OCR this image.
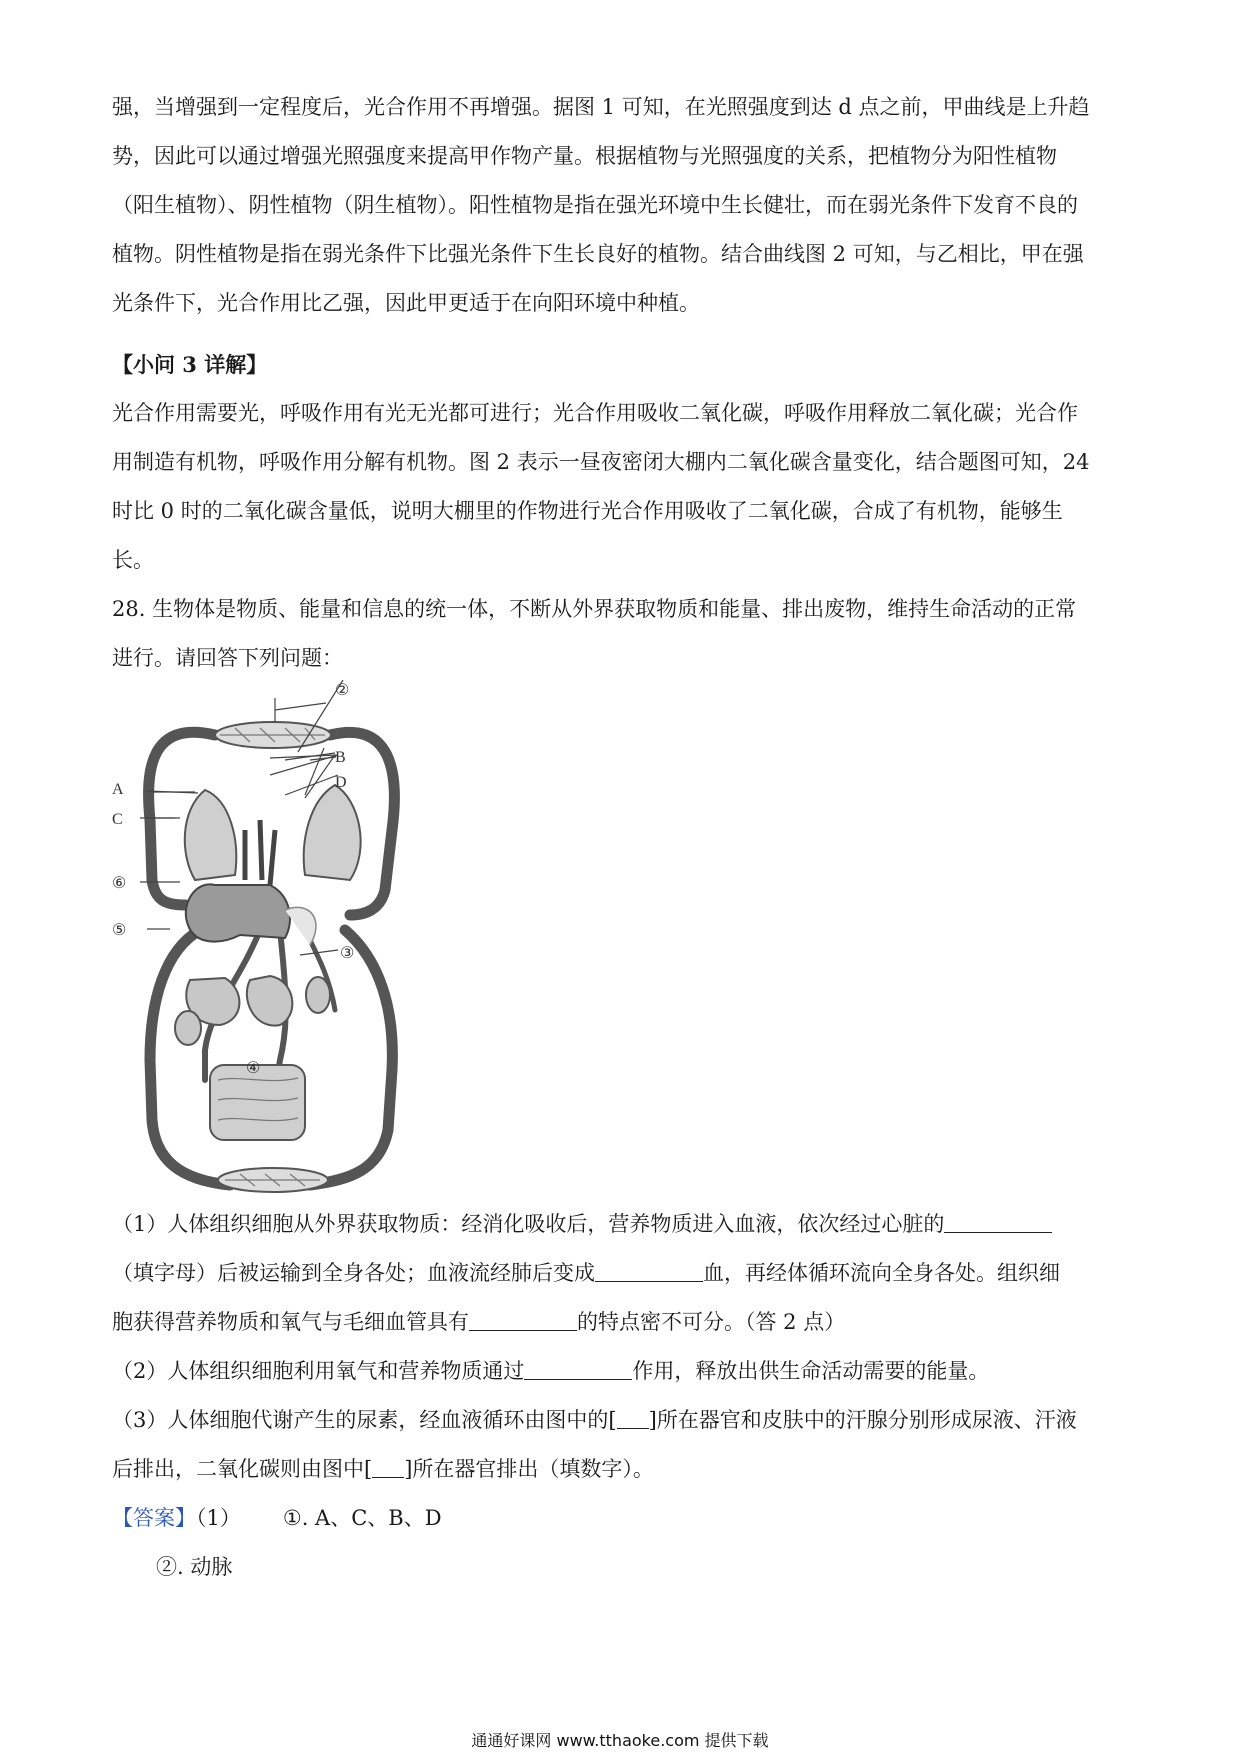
强，当增强到一定程度后，光合作用不再增强。据图 1 可知，在光照强度到达 d 点之前，甲曲线是上升趋

势，因此可以通过增强光照强度来提高甲作物产量。根据植物与光照强度的关系，把植物分为阳性植物

（阳生植物）、阴性植物（阴生植物）。阳性植物是指在强光环境中生长健壮，而在弱光条件下发育不良的

植物。阴性植物是指在弱光条件下比强光条件下生长良好的植物。结合曲线图 2 可知，与乙相比，甲在强

光条件下，光合作用比乙强，因此甲更适于在向阳环境中种植。

【小问 3 详解】

光合作用需要光，呼吸作用有光无光都可进行；光合作用吸收二氧化碳，呼吸作用释放二氧化碳；光合作

用制造有机物，呼吸作用分解有机物。图 2 表示一昼夜密闭大棚内二氧化碳含量变化，结合题图可知，24

时比 0 时的二氧化碳含量低，说明大棚里的作物进行光合作用吸收了二氧化碳，合成了有机物，能够生

长。

28. 生物体是物质、能量和信息的统一体，不断从外界获取物质和能量、排出废物，维持生命活动的正常

进行。请回答下列问题：

②
B
D
A
C
⑥
⑤
③
④

（1）人体组织细胞从外界获取物质：经消化吸收后，营养物质进入血液，依次经过心脏的

（填字母）后被运输到全身各处；血液流经肺后变成	血，再经体循环流向全身各处。组织细

胞获得营养物质和氧气与毛细血管具有	的特点密不可分。（答 2 点）

（2）人体组织细胞利用氧气和营养物质通过	作用，释放出供生命活动需要的能量。

（3）人体细胞代谢产生的尿素，经血液循环由图中的[ ]所在器官和皮肤中的汗腺分别形成尿液、汗液

后排出，二氧化碳则由图中[ ]所在器官排出（填数字）。

【答案】（1） ①. A、C、B、D

②. 动脉

通通好课网 www.tthaoke.com 提供下载
